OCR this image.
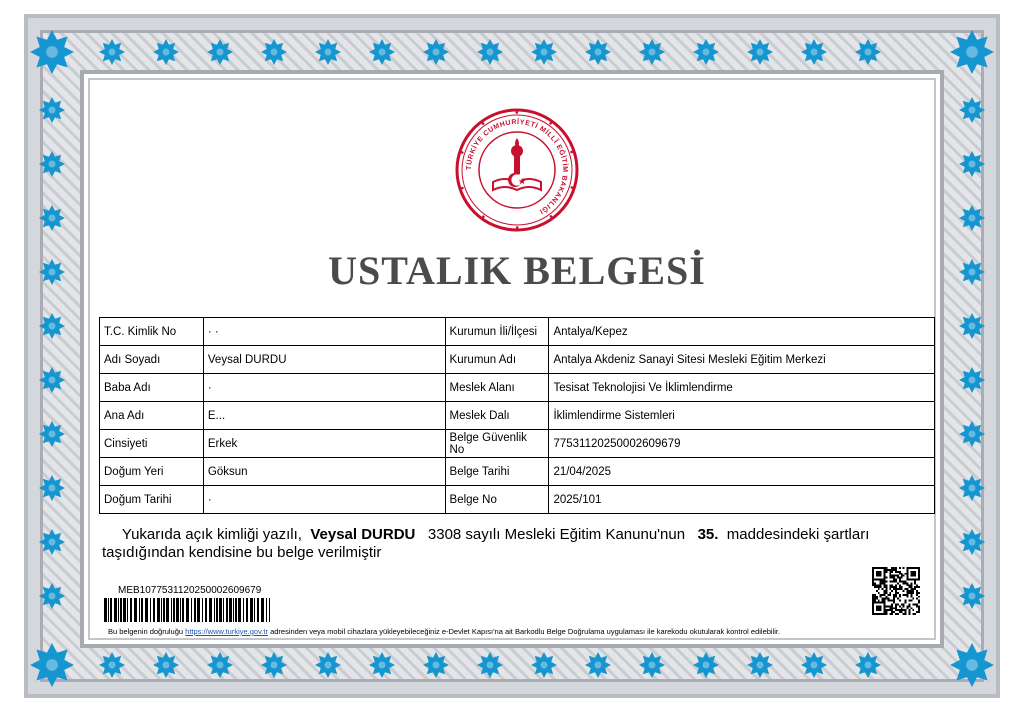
TÜRKİYE CUMHURİYETİ MİLLÎ EĞİTİM BAKANLIĞI
USTALIK BELGESİ
T.C. Kimlik No	· ·	Kurumun İli/İlçesi	Antalya/Kepez
Adı Soyadı	Veysal DURDU	Kurumun Adı	Antalya Akdeniz Sanayi Sitesi Mesleki Eğitim Merkezi
Baba Adı	·	Meslek Alanı	Tesisat Teknolojisi Ve İklimlendirme
Ana Adı	E...	Meslek Dalı	İklimlendirme Sistemleri
Cinsiyeti	Erkek	Belge Güvenlik No	77531120250002609679
Doğum Yeri	Göksun	Belge Tarihi	21/04/2025
Doğum Tarihi	·	Belge No	2025/101
Yukarıda açık kimliği yazılı, Veysal DURDU 3308 sayılı Mesleki Eğitim Kanunu'nun 35. maddesindeki şartları
taşıdığından kendisine bu belge verilmiştir
MEB1077531120250002609679
Bu belgenin doğruluğu https://www.turkiye.gov.tr adresinden veya mobil cihazlara yükleyebileceğiniz e-Devlet Kapısı'na ait Barkodlu Belge Doğrulama uygulaması ile karekodu okutularak kontrol edilebilir.
